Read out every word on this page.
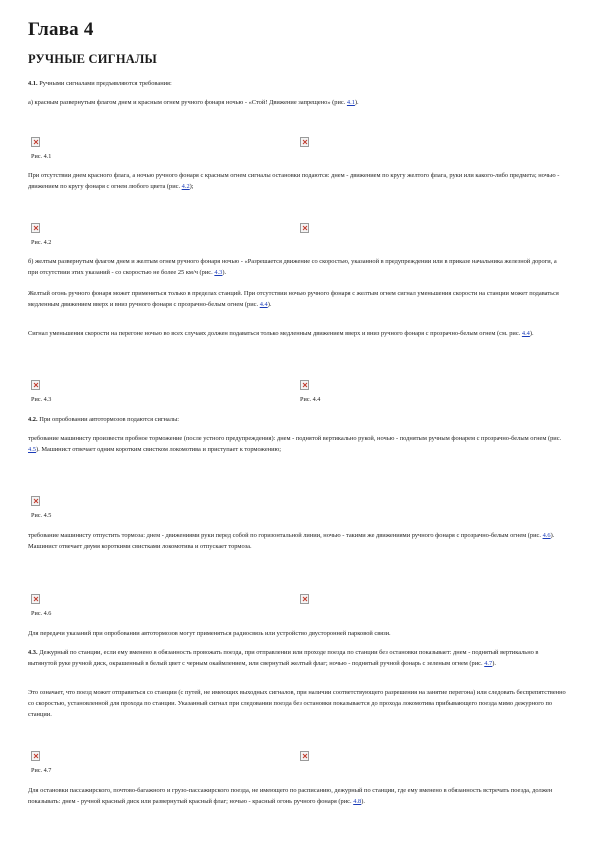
Глава 4
РУЧНЫЕ СИГНАЛЫ
4.1. Ручными сигналами предъявляются требования:
а) красным развернутым флагом днем и красным огнем ручного фонаря ночью - «Стой! Движение запрещено» (рис. 4.1).
Рис. 4.1
При отсутствии днем красного флага, а ночью ручного фонаря с красным огнем сигналы остановки подаются: днем - движением по кругу желтого флага, руки или какого-либо предмета; ночью - движением по кругу фонаря с огнем любого цвета (рис. 4.2);
Рис. 4.2
б) желтым развернутым флагом днем и желтым огнем ручного фонаря ночью - «Разрешается движение со скоростью, указанной в предупреждении или в приказе начальника железной дороги, а при отсутствии этих указаний - со скоростью не более 25 км/ч (рис. 4.3).
Желтый огонь ручного фонаря может применяться только в пределах станций. При отсутствии ночью ручного фонаря с желтым огнем сигнал уменьшения скорости на станции может подаваться медленным движением вверх и вниз ручного фонаря с прозрачно-белым огнем (рис. 4.4).
Сигнал уменьшения скорости на перегоне ночью во всех случаях должен подаваться только медленным движением вверх и вниз ручного фонаря с прозрачно-белым огнем (см. рис. 4.4).
Рис. 4.3	Рис. 4.4
4.2. При опробовании автотормозов подаются сигналы:
требование машинисту произвести пробное торможение (после устного предупреждения): днем - поднятой вертикально рукой, ночью - поднятым ручным фонарем с прозрачно-белым огнем (рис. 4.5). Машинист отвечает одним коротким свистком локомотива и приступает к торможению;
Рис. 4.5
требование машинисту отпустить тормоза: днем - движениями руки перед собой по горизонтальной линии, ночью - такими же движениями ручного фонаря с прозрачно-белым огнем (рис. 4.6). Машинист отвечает двумя короткими свистками локомотива и отпускает тормоза.
Рис. 4.6
Для передачи указаний при опробовании автотормозов могут применяться радиосвязь или устройство двусторонней парковой связи.
4.3. Дежурный по станции, если ему вменено в обязанность провожать поезда, при отправлении или проходе поезда по станции без остановки показывает: днем - поднятый вертикально в вытянутой руке ручной диск, окрашенный в белый цвет с черным окаймлением, или свернутый желтый флаг; ночью - поднятый ручной фонарь с зеленым огнем (рис. 4.7).
Это означает, что поезд может отправиться со станции (с путей, не имеющих выходных сигналов, при наличии соответствующего разрешения на занятие перегона) или следовать беспрепятственно со скоростью, установленной для прохода по станции. Указанный сигнал при следовании поезда без остановки показывается до прохода локомотива прибывающего поезда мимо дежурного по станции.
Рис. 4.7
Для остановки пассажирского, почтово-багажного и грузо-пассажирского поезда, не имеющего по расписанию, дежурный по станции, где ему вменено в обязанность встречать поезда, должен показывать: днем - ручной красный диск или развернутый красный флаг; ночью - красный огонь ручного фонаря (рис. 4.8).
